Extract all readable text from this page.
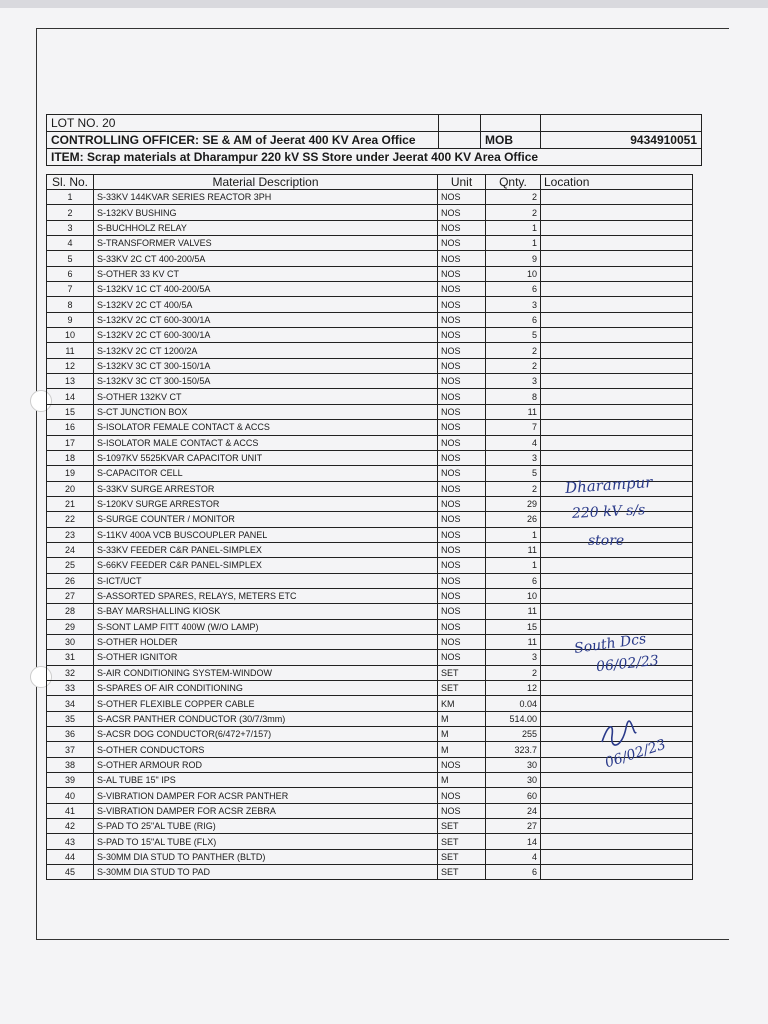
LOT NO. 20			
CONTROLLING OFFICER: SE & AM of Jeerat 400 KV Area Office		MOB	9434910051
ITEM: Scrap materials at Dharampur 220 kV SS Store under Jeerat 400 KV Area Office			
Sl. No.	Material Description	Unit	Qnty.	Location
1	S-33KV 144KVAR SERIES REACTOR 3PH	NOS	2	
2	S-132KV BUSHING	NOS	2	
3	S-BUCHHOLZ RELAY	NOS	1	
4	S-TRANSFORMER VALVES	NOS	1	
5	S-33KV 2C CT 400-200/5A	NOS	9	
6	S-OTHER 33 KV CT	NOS	10	
7	S-132KV 1C CT 400-200/5A	NOS	6	
8	S-132KV 2C CT 400/5A	NOS	3	
9	S-132KV 2C CT 600-300/1A	NOS	6	
10	S-132KV 2C CT 600-300/1A	NOS	5	
11	S-132KV 2C CT 1200/2A	NOS	2	
12	S-132KV 3C CT 300-150/1A	NOS	2	
13	S-132KV 3C CT 300-150/5A	NOS	3	
14	S-OTHER 132KV CT	NOS	8	
15	S-CT JUNCTION BOX	NOS	11	
16	S-ISOLATOR FEMALE CONTACT & ACCS	NOS	7	
17	S-ISOLATOR MALE CONTACT & ACCS	NOS	4	
18	S-1097KV 5525KVAR CAPACITOR UNIT	NOS	3	
19	S-CAPACITOR CELL	NOS	5	
20	S-33KV SURGE ARRESTOR	NOS	2	
21	S-120KV SURGE ARRESTOR	NOS	29	
22	S-SURGE COUNTER / MONITOR	NOS	26	
23	S-11KV 400A VCB BUSCOUPLER PANEL	NOS	1	
24	S-33KV FEEDER C&R PANEL-SIMPLEX	NOS	11	
25	S-66KV FEEDER C&R PANEL-SIMPLEX	NOS	1	
26	S-ICT/UCT	NOS	6	
27	S-ASSORTED SPARES, RELAYS, METERS ETC	NOS	10	
28	S-BAY MARSHALLING KIOSK	NOS	11	
29	S-SONT LAMP FITT 400W (W/O LAMP)	NOS	15	
30	S-OTHER HOLDER	NOS	11	
31	S-OTHER IGNITOR	NOS	3	
32	S-AIR CONDITIONING SYSTEM-WINDOW	SET	2	
33	S-SPARES OF AIR CONDITIONING	SET	12	
34	S-OTHER FLEXIBLE COPPER CABLE	KM	0.04	
35	S-ACSR PANTHER CONDUCTOR (30/7/3mm)	M	514.00	
36	S-ACSR DOG CONDUCTOR(6/472+7/157)	M	255	
37	S-OTHER CONDUCTORS	M	323.7	
38	S-OTHER ARMOUR ROD	NOS	30	
39	S-AL TUBE 15" IPS	M	30	
40	S-VIBRATION DAMPER FOR ACSR PANTHER	NOS	60	
41	S-VIBRATION DAMPER FOR ACSR ZEBRA	NOS	24	
42	S-PAD TO 25"AL TUBE (RIG)	SET	27	
43	S-PAD TO 15"AL TUBE (FLX)	SET	14	
44	S-30MM DIA STUD TO PANTHER (BLTD)	SET	4	
45	S-30MM DIA STUD TO PAD	SET	6	
Dharampur
220 kV s/s
store
South Dcs
06/02/23
06/02/23
